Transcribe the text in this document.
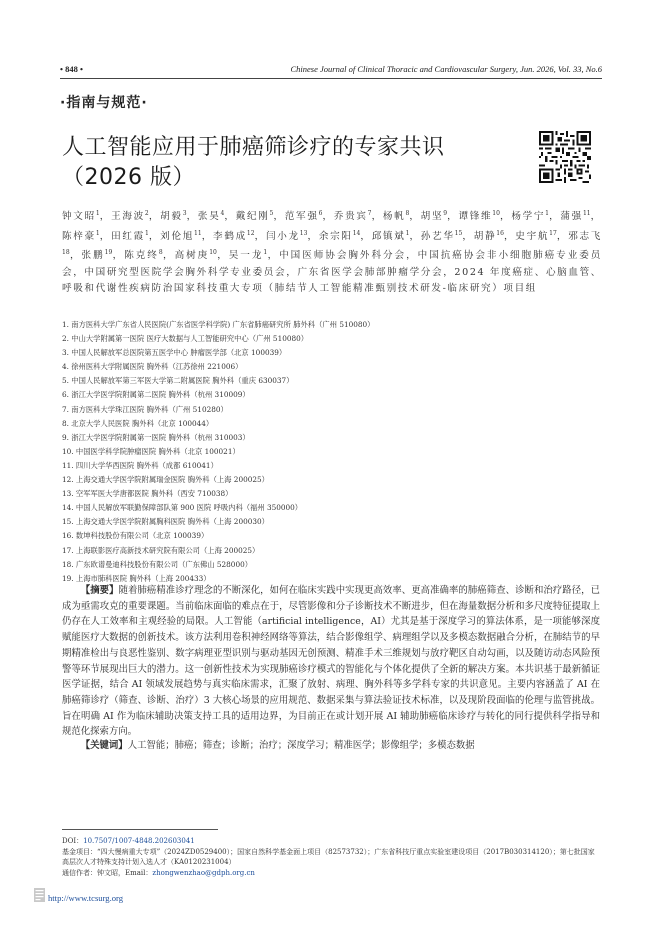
• 848 •	Chinese Journal of Clinical Thoracic and Cardiovascular Surgery, Jun. 2026, Vol. 33, No.6
·指南与规范·
人工智能应用于肺癌筛诊疗的专家共识
（2026 版）
钟文昭$^1$，王海波$^2$，胡毅$^3$，张昊$^4$，戴纪刚$^5$，范军强$^6$，乔贵宾$^7$，杨帆$^8$，胡坚$^9$，谭锋维$^{10}$，杨学宁$^1$，蒲强$^{11}$，陈梓豪$^1$，田红霞$^1$，刘伦旭$^{11}$，李鹤成$^{12}$，闫小龙$^{13}$，余宗阳$^{14}$，邱镇斌$^1$，孙艺华$^{15}$，胡静$^{16}$，史宇航$^{17}$，邪志飞$^{18}$，张鹏$^{19}$，陈克终$^8$，高树庚$^{10}$，吴一龙$^1$，中国医师协会胸外科分会，中国抗癌协会非小细胞肺癌专业委员会，中国研究型医院学会胸外科学专业委员会，广东省医学会肺部肿瘤学分会，2024 年度癌症、心脑血管、呼吸和代谢性疾病防治国家科技重大专项（肺结节人工智能精准甄别技术研发-临床研究）项目组
1. 南方医科大学广东省人民医院(广东省医学科学院) 广东省肺癌研究所 肺外科（广州 510080）
2. 中山大学附属第一医院 医疗大数据与人工智能研究中心（广州 510080）
3. 中国人民解放军总医院第五医学中心 肿瘤医学部（北京 100039）
4. 徐州医科大学附属医院 胸外科（江苏徐州 221006）
5. 中国人民解放军第三军医大学第二附属医院 胸外科（重庆 630037）
6. 浙江大学医学院附属第二医院 胸外科（杭州 310009）
7. 南方医科大学珠江医院 胸外科（广州 510280）
8. 北京大学人民医院 胸外科（北京 100044）
9. 浙江大学医学院附属第一医院 胸外科（杭州 310003）
10. 中国医学科学院肿瘤医院 胸外科（北京 100021）
11. 四川大学华西医院 胸外科（成都 610041）
12. 上海交通大学医学院附属瑞金医院 胸外科（上海 200025）
13. 空军军医大学唐都医院 胸外科（西安 710038）
14. 中国人民解放军联勤保障部队第 900 医院 呼吸内科（福州 350000）
15. 上海交通大学医学院附属胸科医院 胸外科（上海 200030）
16. 数坤科技股份有限公司（北京 100039）
17. 上海联影医疗高新技术研究院有限公司（上海 200025）
18. 广东欧谱曼迪科技股份有限公司（广东佛山 528000）
19. 上海市肺科医院 胸外科（上海 200433）
【摘要】随着肺癌精准诊疗理念的不断深化，如何在临床实践中实现更高效率、更高准确率的肺癌筛查、诊断和治疗路径，已成为亟需攻克的重要课题。当前临床面临的难点在于，尽管影像和分子诊断技术不断进步，但在海量数据分析和多尺度特征提取上仍存在人工效率和主观经验的局限。人工智能（artificial intelligence，AI）尤其是基于深度学习的算法体系，是一项能够深度赋能医疗大数据的创新技术。该方法利用卷积神经网络等算法，结合影像组学、病理组学以及多模态数据融合分析，在肺结节的早期精准检出与良恶性鉴别、数字病理亚型识别与驱动基因无创预测、精准手术三维规划与放疗靶区自动勾画，以及随访动态风险预警等环节展现出巨大的潜力。这一创新性技术为实现肺癌诊疗模式的智能化与个体化提供了全新的解决方案。本共识基于最新循证医学证据，结合 AI 领域发展趋势与真实临床需求，汇聚了放射、病理、胸外科等多学科专家的共识意见。主要内容涵盖了 AI 在肺癌筛诊疗（筛查、诊断、治疗）3 大核心场景的应用规范、数据采集与算法验证技术标准，以及现阶段面临的伦理与监管挑战。旨在明确 AI 作为临床辅助决策支持工具的适用边界，为目前正在或计划开展 AI 辅助肺癌临床诊疗与转化的同行提供科学指导和规范化探索方向。
【关键词】人工智能；肺癌；筛查；诊断；治疗；深度学习；精准医学；影像组学；多模态数据
DOI：10.7507/1007-4848.202603041
基金项目：“四大慢病重大专项”（2024ZD0529400）；国家自然科学基金面上项目（82573732）；广东省科技厅重点实验室建设项目（2017B030314120）；第七批国家高层次人才特殊支持计划入选人才（KA0120231004）
通信作者：钟文昭，Email：zhongwenzhao@gdph.org.cn
http://www.tcsurg.org
